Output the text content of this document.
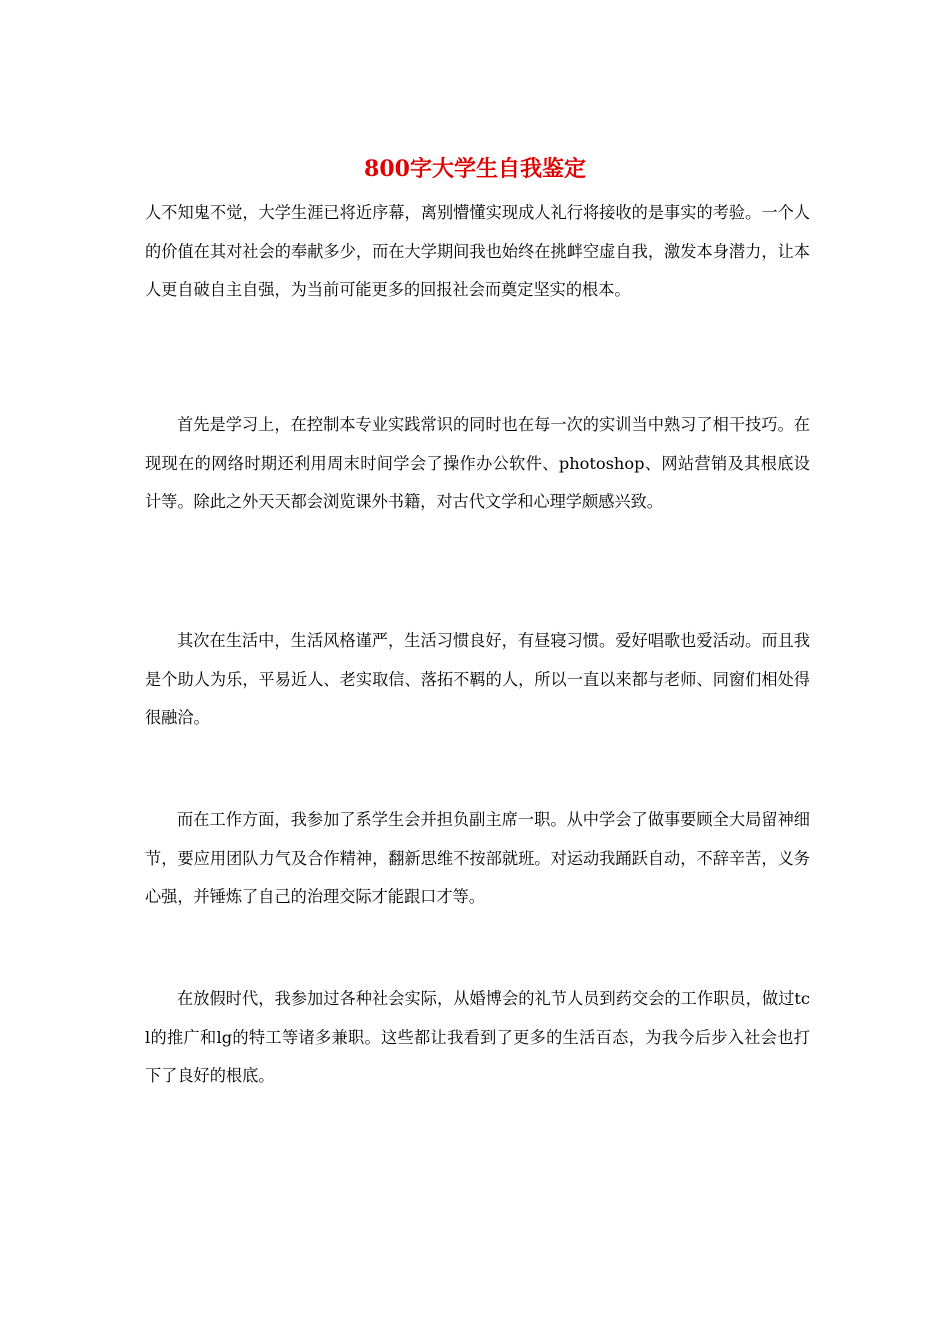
800字大学生自我鉴定

人不知鬼不觉，大学生涯已将近序幕，离别懵懂实现成人礼行将接收的是事实的考验。一个人的价值在其对社会的奉献多少，而在大学期间我也始终在挑衅空虚自我，激发本身潜力，让本人更自破自主自强，为当前可能更多的回报社会而奠定坚实的根本。

首先是学习上，在控制本专业实践常识的同时也在每一次的实训当中熟习了相干技巧。在现现在的网络时期还利用周末时间学会了操作办公软件、photoshop、网站营销及其根底设计等。除此之外天天都会浏览课外书籍，对古代文学和心理学颇感兴致。

其次在生活中，生活风格谨严，生活习惯良好，有昼寝习惯。爱好唱歌也爱活动。而且我是个助人为乐，平易近人、老实取信、落拓不羁的人，所以一直以来都与老师、同窗们相处得很融洽。

而在工作方面，我参加了系学生会并担负副主席一职。从中学会了做事要顾全大局留神细节，要应用团队力气及合作精神，翻新思维不按部就班。对运动我踊跃自动，不辞辛苦，义务心强，并锤炼了自己的治理交际才能跟口才等。

在放假时代，我参加过各种社会实际，从婚博会的礼节人员到药交会的工作职员，做过tcl的推广和lg的特工等诸多兼职。这些都让我看到了更多的生活百态，为我今后步入社会也打下了良好的根底。
